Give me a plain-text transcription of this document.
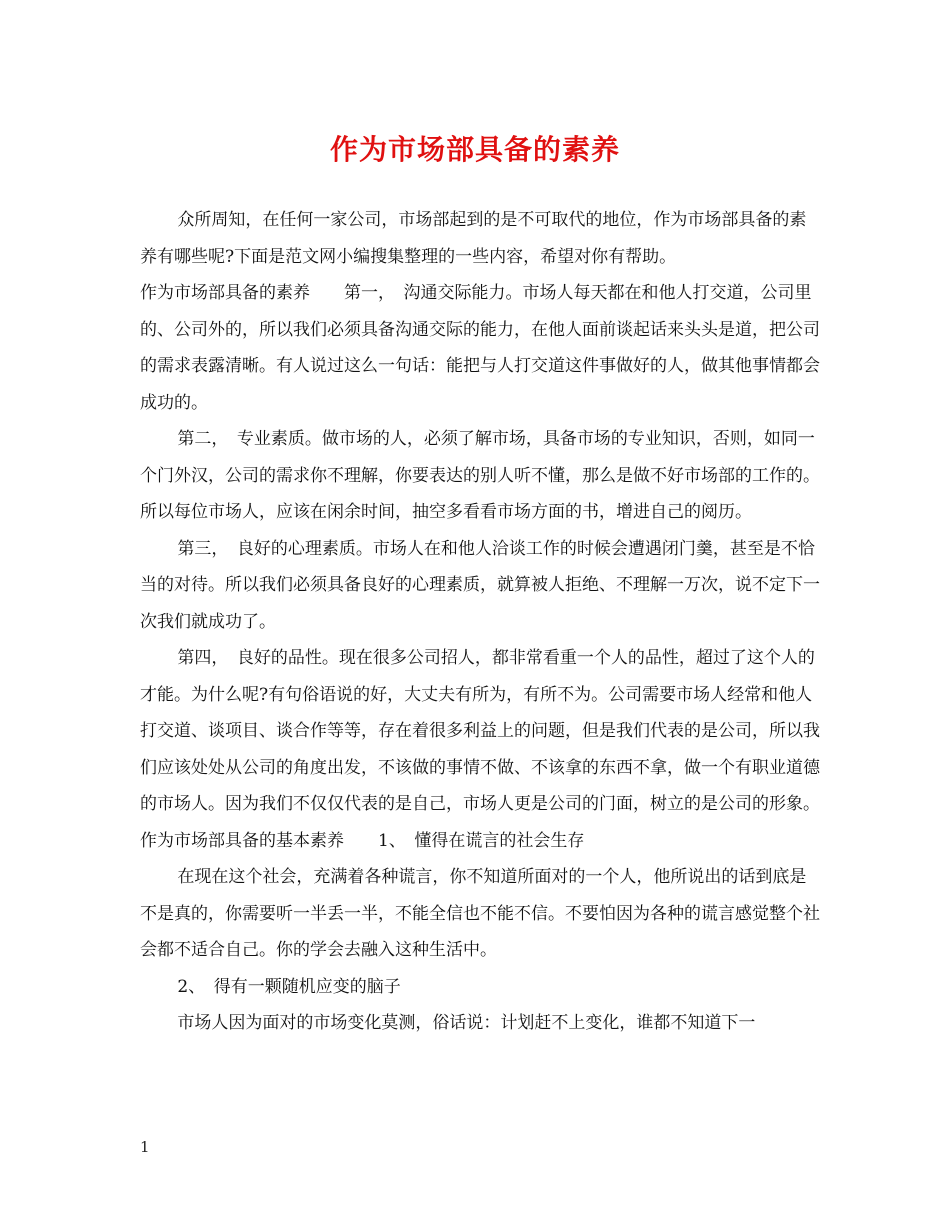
作为市场部具备的素养

众所周知，在任何一家公司，市场部起到的是不可取代的地位，作为市场部具备的素养有哪些呢?下面是范文网小编搜集整理的一些内容，希望对你有帮助。

作为市场部具备的素养　　第一，　沟通交际能力。市场人每天都在和他人打交道，公司里的、公司外的，所以我们必须具备沟通交际的能力，在他人面前谈起话来头头是道，把公司的需求表露清晰。有人说过这么一句话：能把与人打交道这件事做好的人，做其他事情都会成功的。

第二，　专业素质。做市场的人，必须了解市场，具备市场的专业知识，否则，如同一个门外汉，公司的需求你不理解，你要表达的别人听不懂，那么是做不好市场部的工作的。所以每位市场人，应该在闲余时间，抽空多看看市场方面的书，增进自己的阅历。

第三，　良好的心理素质。市场人在和他人洽谈工作的时候会遭遇闭门羹，甚至是不恰当的对待。所以我们必须具备良好的心理素质，就算被人拒绝、不理解一万次，说不定下一次我们就成功了。

第四，　良好的品性。现在很多公司招人，都非常看重一个人的品性，超过了这个人的才能。为什么呢?有句俗语说的好，大丈夫有所为，有所不为。公司需要市场人经常和他人打交道、谈项目、谈合作等等，存在着很多利益上的问题，但是我们代表的是公司，所以我们应该处处从公司的角度出发，不该做的事情不做、不该拿的东西不拿，做一个有职业道德的市场人。因为我们不仅仅代表的是自己，市场人更是公司的门面，树立的是公司的形象。

作为市场部具备的基本素养　　1、　懂得在谎言的社会生存

在现在这个社会，充满着各种谎言，你不知道所面对的一个人，他所说出的话到底是不是真的，你需要听一半丢一半，不能全信也不能不信。不要怕因为各种的谎言感觉整个社会都不适合自己。你的学会去融入这种生活中。

2、　得有一颗随机应变的脑子

市场人因为面对的市场变化莫测，俗话说：计划赶不上变化，谁都不知道下一

1
